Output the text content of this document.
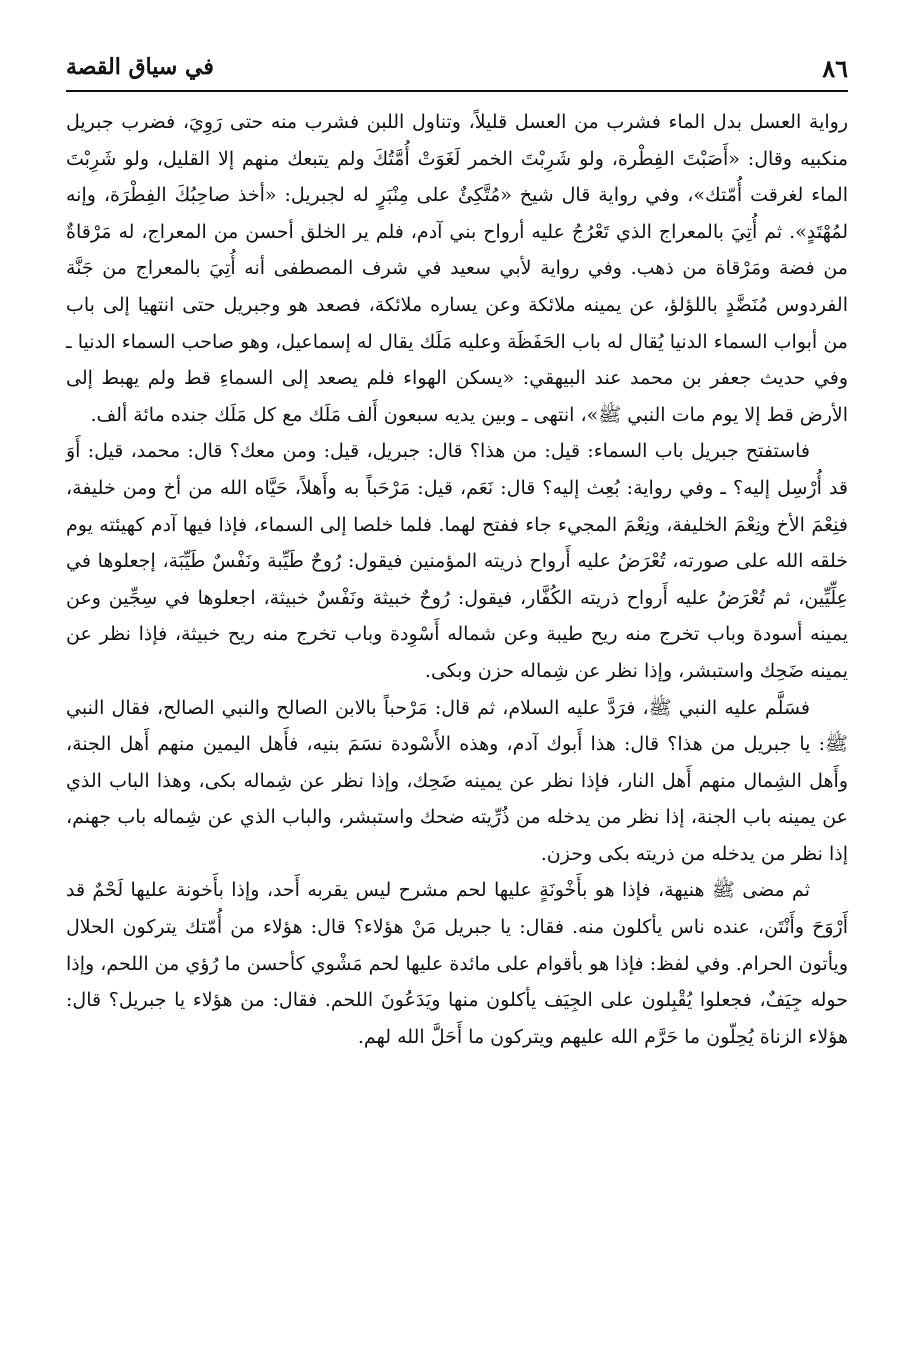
٨٦
في سياق القصة

رواية العسل بدل الماء فشرب من العسل قليلاً، وتناول اللبن فشرب منه حتى رَوِيَ، فضرب جبريل منكبيه وقال: «أَصَبْتَ الفِطْرة، ولو شَرِبْتَ الخمر لَغَوَتْ أُمَّتُكَ ولم يتبعك منهم إلا القليل، ولو شَرِبْتَ الماء لغرقت أُمّتك»، وفي رواية قال شيخ «مُتَّكِئٌ على مِنْبَرٍ له لجبريل: «أخذ صاحِبُكَ الفِطْرَة، وإنه لمُهْتَدٍ». ثم أُتِيَ بالمعراج الذي تَعْرُجُ عليه أرواح بني آدم، فلم ير الخلق أحسن من المعراج، له مَرْقاةٌ من فضة ومَرْقاة من ذهب. وفي رواية لأبي سعيد في شرف المصطفى أنه أُتِيَ بالمعراج من جَنَّة الفردوس مُنَضَّدٍ باللؤلؤ، عن يمينه ملائكة وعن يساره ملائكة، فصعد هو وجبريل حتى انتهيا إلى باب من أبواب السماء الدنيا يُقال له باب الحَفَظَة وعليه مَلَك يقال له إسماعيل، وهو صاحب السماء الدنيا ـ وفي حديث جعفر بن محمد عند البيهقي: «يسكن الهواء فلم يصعد إلى السماءِ قط ولم يهبط إلى الأرض قط إلا يوم مات النبي ﷺ»، انتهى ـ وبين يديه سبعون أَلف مَلَك مع كل مَلَك جنده مائة ألف.

فاستفتح جبريل باب السماء: قيل: من هذا؟ قال: جبريل، قيل: ومن معك؟ قال: محمد، قيل: أَوَ قد أُرْسِل إليه؟ ـ وفي رواية: بُعِث إليه؟ قال: نَعَم، قيل: مَرْحَباً به وأَهلاً، حَيَّاه الله من أخ ومن خليفة، فنِعْمَ الأخ ونِعْمَ الخليفة، ونِعْمَ المجيء جاء ففتح لهما. فلما خلصا إلى السماء، فإذا فيها آدم كهيئته يوم خلقه الله على صورته، تُعْرَضُ عليه أَرواح ذريته المؤمنين فيقول: رُوحٌ طَيِّبة ونَفْسٌ طَيِّبَة، إجعلوها في عِلِّيِّين، ثم تُعْرَضُ عليه أَرواح ذريته الكُفَّار، فيقول: رُوحٌ خبيثة ونَفْسٌ خبيثة، اجعلوها في سِجِّين وعن يمينه أسودة وباب تخرج منه ريح طيبة وعن شماله أَسْوِدة وباب تخرج منه ريح خبيثة، فإذا نظر عن يمينه ضَحِك واستبشر، وإذا نظر عن شِماله حزن وبكى.

فسَلَّم عليه النبي ﷺ، فرَدَّ عليه السلام، ثم قال: مَرْحباً بالابن الصالح والنبي الصالح، فقال النبي ﷺ: يا جبريل من هذا؟ قال: هذا أَبوك آدم، وهذه الأَسْودة نسَمَ بنيه، فأَهل اليمين منهم أَهل الجنة، وأَهل الشِمال منهم أَهل النار، فإذا نظر عن يمينه ضَحِك، وإذا نظر عن شِماله بكى، وهذا الباب الذي عن يمينه باب الجنة، إذا نظر من يدخله من ذُرِّيته ضحك واستبشر، والباب الذي عن شِماله باب جهنم، إذا نظر من يدخله من ذريته بكى وحزن.

ثم مضى ﷺ هنيهة، فإذا هو بأَخْونَةٍ عليها لحم مشرح ليس يقربه أَحد، وإذا بأَخونة عليها لَحْمٌ قد أَرْوَحَ وأَنْتَن، عنده ناس يأكلون منه. فقال: يا جبريل مَنْ هؤلاء؟ قال: هؤلاء من أُمّتك يتركون الحلال ويأتون الحرام. وفي لفظ: فإذا هو بأقوام على مائدة عليها لحم مَشْوي كأحسن ما رُؤي من اللحم، وإذا حوله جِيَفٌ، فجعلوا يُقْبِلون على الجِيَف يأكلون منها ويَدَعُونَ اللحم. فقال: من هؤلاء يا جبريل؟ قال: هؤلاء الزناة يُحِلّون ما حَرَّم الله عليهم ويتركون ما أَحَلَّ الله لهم.
